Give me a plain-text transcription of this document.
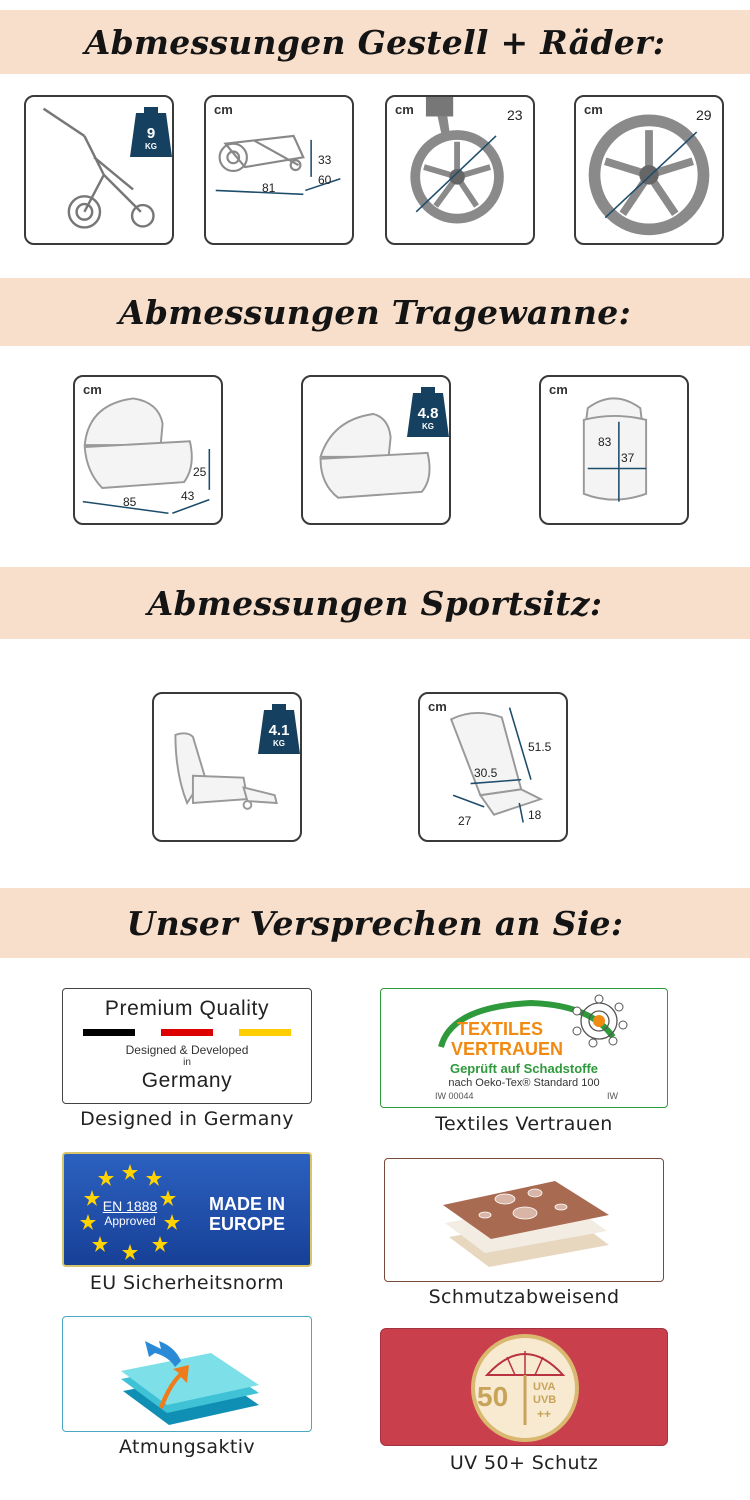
Abmessungen Gestell + Räder:
9
KG
cm
81
33
60
cm	23	cm	29
Abmessungen Tragewanne:
cm
85	43
25
4.8
KG
cm
83
37
Abmessungen Sportsitz:
4.1
KG
cm
51.5
30.5
27	18
Unser Versprechen an Sie:
Premium Quality
Designed & Developed
in
Germany
Designed in Germany
TEXTILES
VERTRAUEN
Geprüft auf Schadstoffe
nach Oeko-Tex® Standard 100
IW 00044	IW
Textiles Vertrauen
EN 1888
Approved
MADE IN
EUROPE
EU Sicherheitsnorm
Schmutzabweisend
Atmungsaktiv
50 UVA
UVB
++
UV 50+ Schutz
